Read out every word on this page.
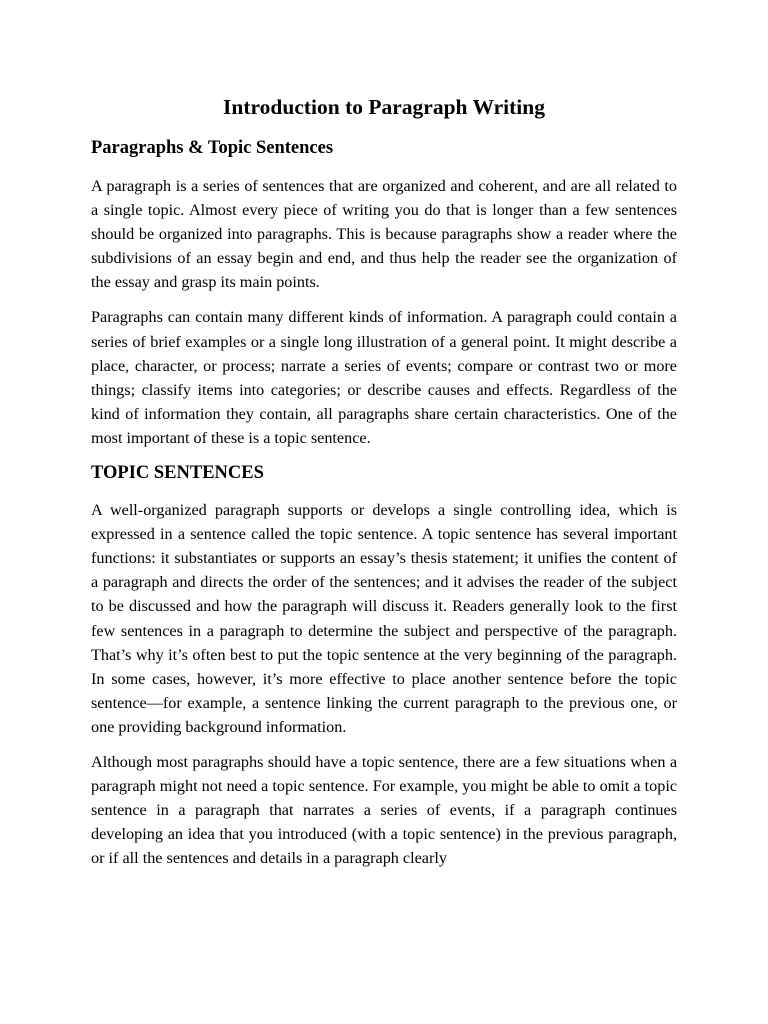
Introduction to Paragraph Writing
Paragraphs & Topic Sentences

A paragraph is a series of sentences that are organized and coherent, and are all related to a single topic. Almost every piece of writing you do that is longer than a few sentences should be organized into paragraphs. This is because paragraphs show a reader where the subdivisions of an essay begin and end, and thus help the reader see the organization of the essay and grasp its main points.

Paragraphs can contain many different kinds of information. A paragraph could contain a series of brief examples or a single long illustration of a general point. It might describe a place, character, or process; narrate a series of events; compare or contrast two or more things; classify items into categories; or describe causes and effects. Regardless of the kind of information they contain, all paragraphs share certain characteristics. One of the most important of these is a topic sentence.

TOPIC SENTENCES

A well-organized paragraph supports or develops a single controlling idea, which is expressed in a sentence called the topic sentence. A topic sentence has several important functions: it substantiates or supports an essay’s thesis statement; it unifies the content of a paragraph and directs the order of the sentences; and it advises the reader of the subject to be discussed and how the paragraph will discuss it. Readers generally look to the first few sentences in a paragraph to determine the subject and perspective of the paragraph. That’s why it’s often best to put the topic sentence at the very beginning of the paragraph. In some cases, however, it’s more effective to place another sentence before the topic sentence—for example, a sentence linking the current paragraph to the previous one, or one providing background information.

Although most paragraphs should have a topic sentence, there are a few situations when a paragraph might not need a topic sentence. For example, you might be able to omit a topic sentence in a paragraph that narrates a series of events, if a paragraph continues developing an idea that you introduced (with a topic sentence) in the previous paragraph, or if all the sentences and details in a paragraph clearly
